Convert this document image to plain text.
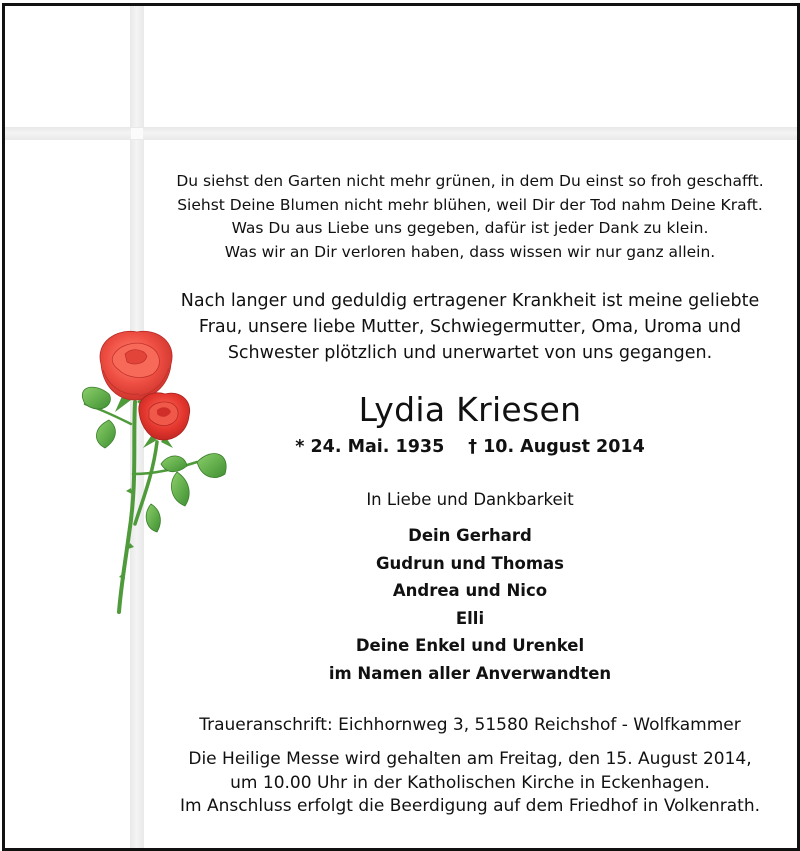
Du siehst den Garten nicht mehr grünen, in dem Du einst so froh geschafft.
Siehst Deine Blumen nicht mehr blühen, weil Dir der Tod nahm Deine Kraft.
Was Du aus Liebe uns gegeben, dafür ist jeder Dank zu klein.
Was wir an Dir verloren haben, dass wissen wir nur ganz allein.
Nach langer und geduldig ertragener Krankheit ist meine geliebte
Frau, unsere liebe Mutter, Schwiegermutter, Oma, Uroma und
Schwester plötzlich und unerwartet von uns gegangen.
Lydia Kriesen
* 24. Mai. 1935 † 10. August 2014
In Liebe und Dankbarkeit
Dein Gerhard
Gudrun und Thomas
Andrea und Nico
Elli
Deine Enkel und Urenkel
im Namen aller Anverwandten
Traueranschrift: Eichhornweg 3, 51580 Reichshof - Wolfkammer
Die Heilige Messe wird gehalten am Freitag, den 15. August 2014,
um 10.00 Uhr in der Katholischen Kirche in Eckenhagen.
Im Anschluss erfolgt die Beerdigung auf dem Friedhof in Volkenrath.
